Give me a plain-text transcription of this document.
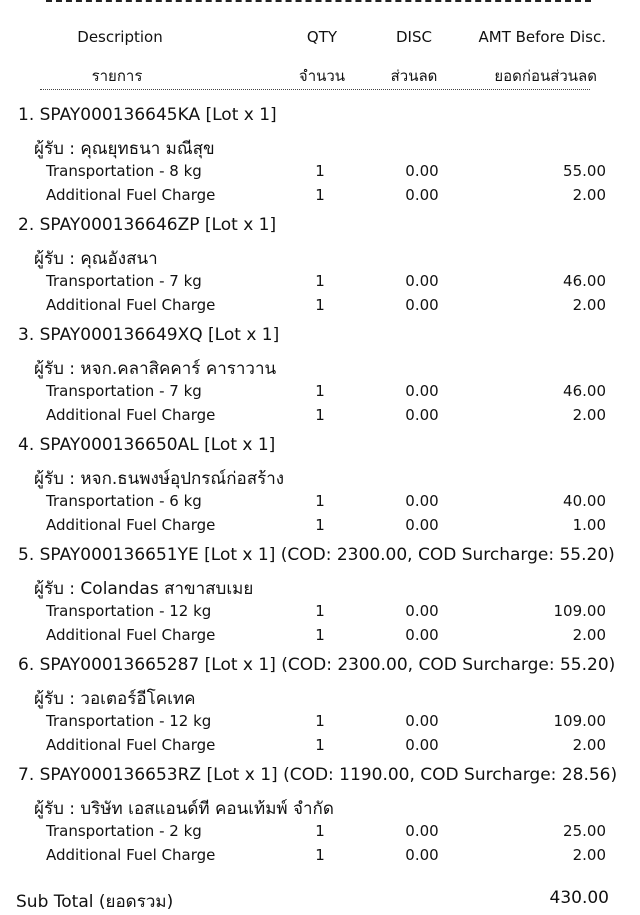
Description	QTY	DISC	AMT Before Disc.
รายการ	จำนวน	ส่วนลด	ยอดก่อนส่วนลด
1. SPAY000136645KA [Lot x 1]
ผู้รับ : คุณยุทธนา มณีสุข
Transportation - 8 kg	1	0.00	55.00
Additional Fuel Charge	1	0.00	2.00
2. SPAY000136646ZP [Lot x 1]
ผู้รับ : คุณอังสนา
Transportation - 7 kg	1	0.00	46.00
Additional Fuel Charge	1	0.00	2.00
3. SPAY000136649XQ [Lot x 1]
ผู้รับ : หจก.คลาสิคคาร์ คาราวาน
Transportation - 7 kg	1	0.00	46.00
Additional Fuel Charge	1	0.00	2.00
4. SPAY000136650AL [Lot x 1]
ผู้รับ : หจก.ธนพงษ์อุปกรณ์ก่อสร้าง
Transportation - 6 kg	1	0.00	40.00
Additional Fuel Charge	1	0.00	1.00
5. SPAY000136651YE [Lot x 1] (COD: 2300.00, COD Surcharge: 55.20)
ผู้รับ : Colandas สาขาสบเมย
Transportation - 12 kg	1	0.00	109.00
Additional Fuel Charge	1	0.00	2.00
6. SPAY00013665287 [Lot x 1] (COD: 2300.00, COD Surcharge: 55.20)
ผู้รับ : วอเตอร์อีโคเทค
Transportation - 12 kg	1	0.00	109.00
Additional Fuel Charge	1	0.00	2.00
7. SPAY000136653RZ [Lot x 1] (COD: 1190.00, COD Surcharge: 28.56)
ผู้รับ : บริษัท เอสแอนด์ที คอนเท้มพ์ จำกัด
Transportation - 2 kg	1	0.00	25.00
Additional Fuel Charge	1	0.00	2.00
Sub Total (ยอดรวม)	430.00
